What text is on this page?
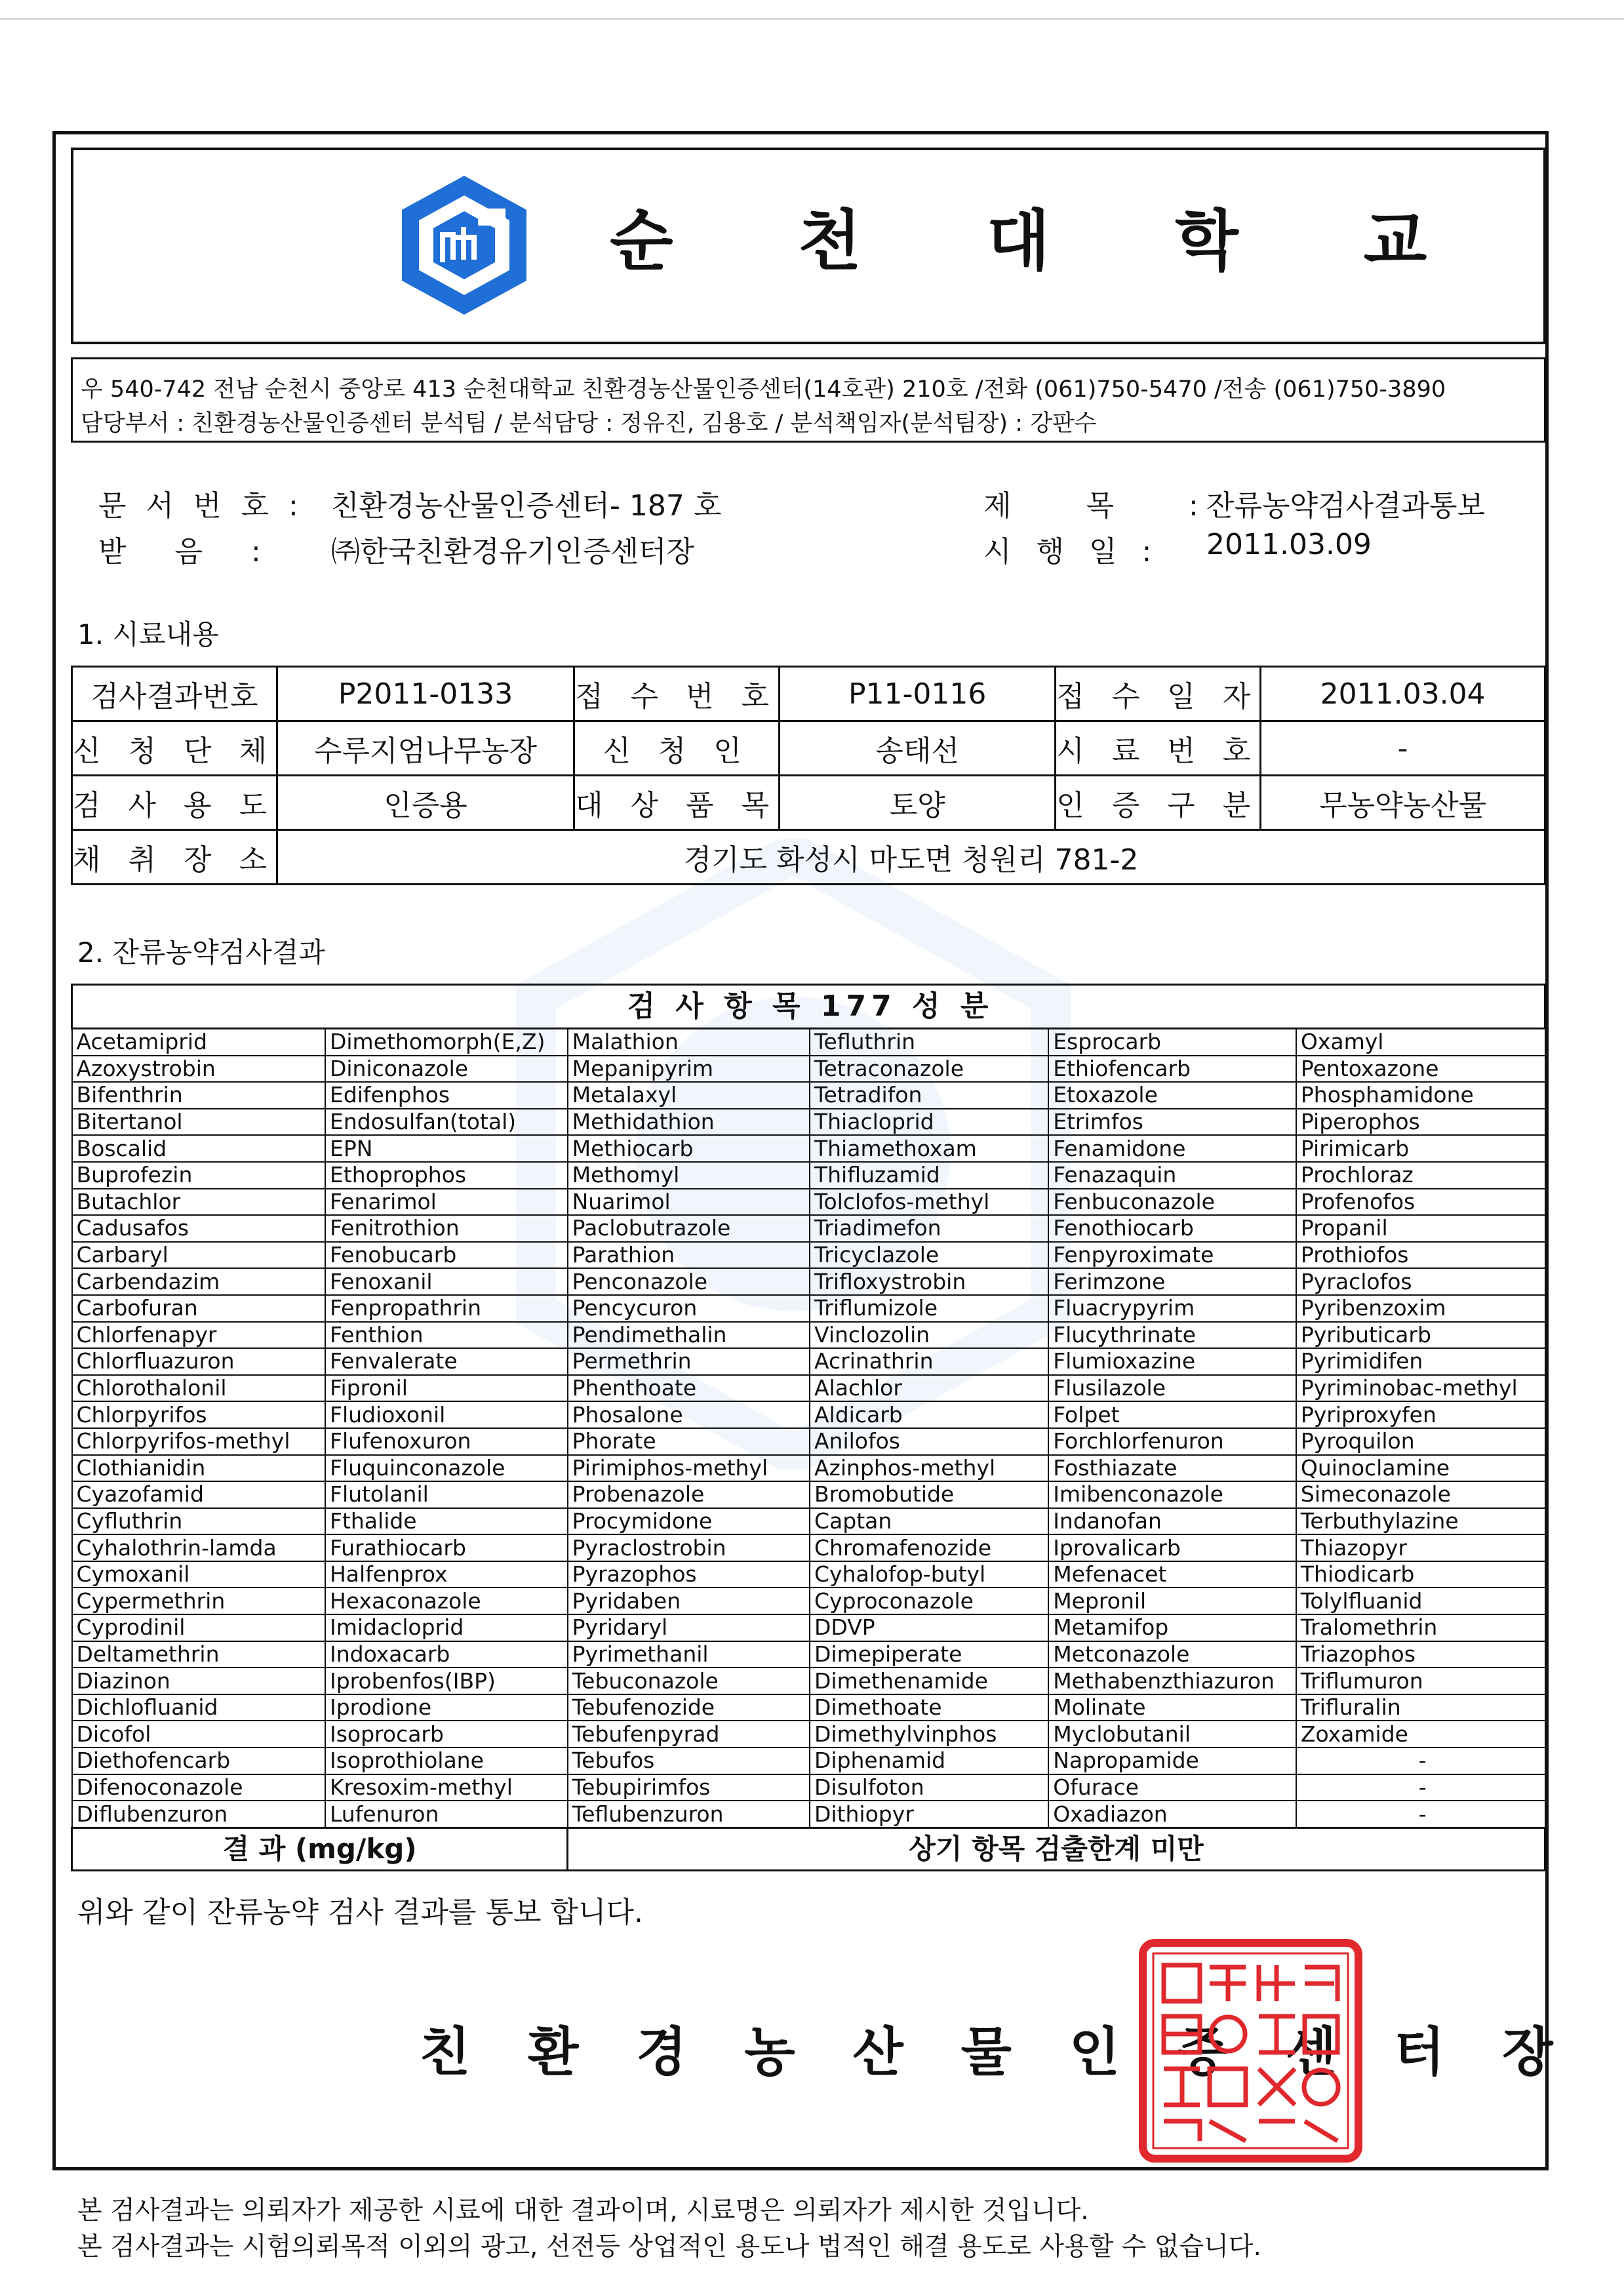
순 천 대 학 교
우 540-742 전남 순천시 중앙로 413 순천대학교 친환경농산물인증센터(14호관) 210호 /전화 (061)750-5470 /전송 (061)750-3890
담당부서 : 친환경농산물인증센터 분석팀 / 분석담당 : 정유진, 김용호 / 분석책임자(분석팀장) : 강판수
문 서 번 호 : 친환경농산물인증센터- 187 호
받 음 : ㈜한국친환경유기인증센터장
제 목 : 잔류농약검사결과통보
시 행 일 : 2011.03.09
1. 시료내용
검사결과번호	P2011-0133	접 수 번 호	P11-0116	접 수 일 자	2011.03.04
신 청 단 체	수루지엄나무농장	신 청 인	송태선	시 료 번 호	-
검 사 용 도	인증용	대 상 품 목	토양	인 증 구 분	무농약농산물
채 취 장 소	경기도 화성시 마도면 청원리 781-2				
2. 잔류농약검사결과
검 사 항 목 177 성 분					
Acetamiprid	Dimethomorph(E,Z)	Malathion	Tefluthrin	Esprocarb	Oxamyl
Azoxystrobin	Diniconazole	Mepanipyrim	Tetraconazole	Ethiofencarb	Pentoxazone
Bifenthrin	Edifenphos	Metalaxyl	Tetradifon	Etoxazole	Phosphamidone
Bitertanol	Endosulfan(total)	Methidathion	Thiacloprid	Etrimfos	Piperophos
Boscalid	EPN	Methiocarb	Thiamethoxam	Fenamidone	Pirimicarb
Buprofezin	Ethoprophos	Methomyl	Thifluzamid	Fenazaquin	Prochloraz
Butachlor	Fenarimol	Nuarimol	Tolclofos-methyl	Fenbuconazole	Profenofos
Cadusafos	Fenitrothion	Paclobutrazole	Triadimefon	Fenothiocarb	Propanil
Carbaryl	Fenobucarb	Parathion	Tricyclazole	Fenpyroximate	Prothiofos
Carbendazim	Fenoxanil	Penconazole	Trifloxystrobin	Ferimzone	Pyraclofos
Carbofuran	Fenpropathrin	Pencycuron	Triflumizole	Fluacrypyrim	Pyribenzoxim
Chlorfenapyr	Fenthion	Pendimethalin	Vinclozolin	Flucythrinate	Pyributicarb
Chlorfluazuron	Fenvalerate	Permethrin	Acrinathrin	Flumioxazine	Pyrimidifen
Chlorothalonil	Fipronil	Phenthoate	Alachlor	Flusilazole	Pyriminobac-methyl
Chlorpyrifos	Fludioxonil	Phosalone	Aldicarb	Folpet	Pyriproxyfen
Chlorpyrifos-methyl	Flufenoxuron	Phorate	Anilofos	Forchlorfenuron	Pyroquilon
Clothianidin	Fluquinconazole	Pirimiphos-methyl	Azinphos-methyl	Fosthiazate	Quinoclamine
Cyazofamid	Flutolanil	Probenazole	Bromobutide	Imibenconazole	Simeconazole
Cyfluthrin	Fthalide	Procymidone	Captan	Indanofan	Terbuthylazine
Cyhalothrin-lamda	Furathiocarb	Pyraclostrobin	Chromafenozide	Iprovalicarb	Thiazopyr
Cymoxanil	Halfenprox	Pyrazophos	Cyhalofop-butyl	Mefenacet	Thiodicarb
Cypermethrin	Hexaconazole	Pyridaben	Cyproconazole	Mepronil	Tolylfluanid
Cyprodinil	Imidacloprid	Pyridaryl	DDVP	Metamifop	Tralomethrin
Deltamethrin	Indoxacarb	Pyrimethanil	Dimepiperate	Metconazole	Triazophos
Diazinon	Iprobenfos(IBP)	Tebuconazole	Dimethenamide	Methabenzthiazuron	Triflumuron
Dichlofluanid	Iprodione	Tebufenozide	Dimethoate	Molinate	Trifluralin
Dicofol	Isoprocarb	Tebufenpyrad	Dimethylvinphos	Myclobutanil	Zoxamide
Diethofencarb	Isoprothiolane	Tebufos	Diphenamid	Napropamide	-
Difenoconazole	Kresoxim-methyl	Tebupirimfos	Disulfoton	Ofurace	-
Diflubenzuron	Lufenuron	Teflubenzuron	Dithiopyr	Oxadiazon	-
결 과 (mg/kg)		상기 항목 검출한계 미만			
위와 같이 잔류농약 검사 결과를 통보 합니다.
친 환 경 농 산 물 인 증 센 터 장
본 검사결과는 의뢰자가 제공한 시료에 대한 결과이며, 시료명은 의뢰자가 제시한 것입니다.
본 검사결과는 시험의뢰목적 이외의 광고, 선전등 상업적인 용도나 법적인 해결 용도로 사용할 수 없습니다.
